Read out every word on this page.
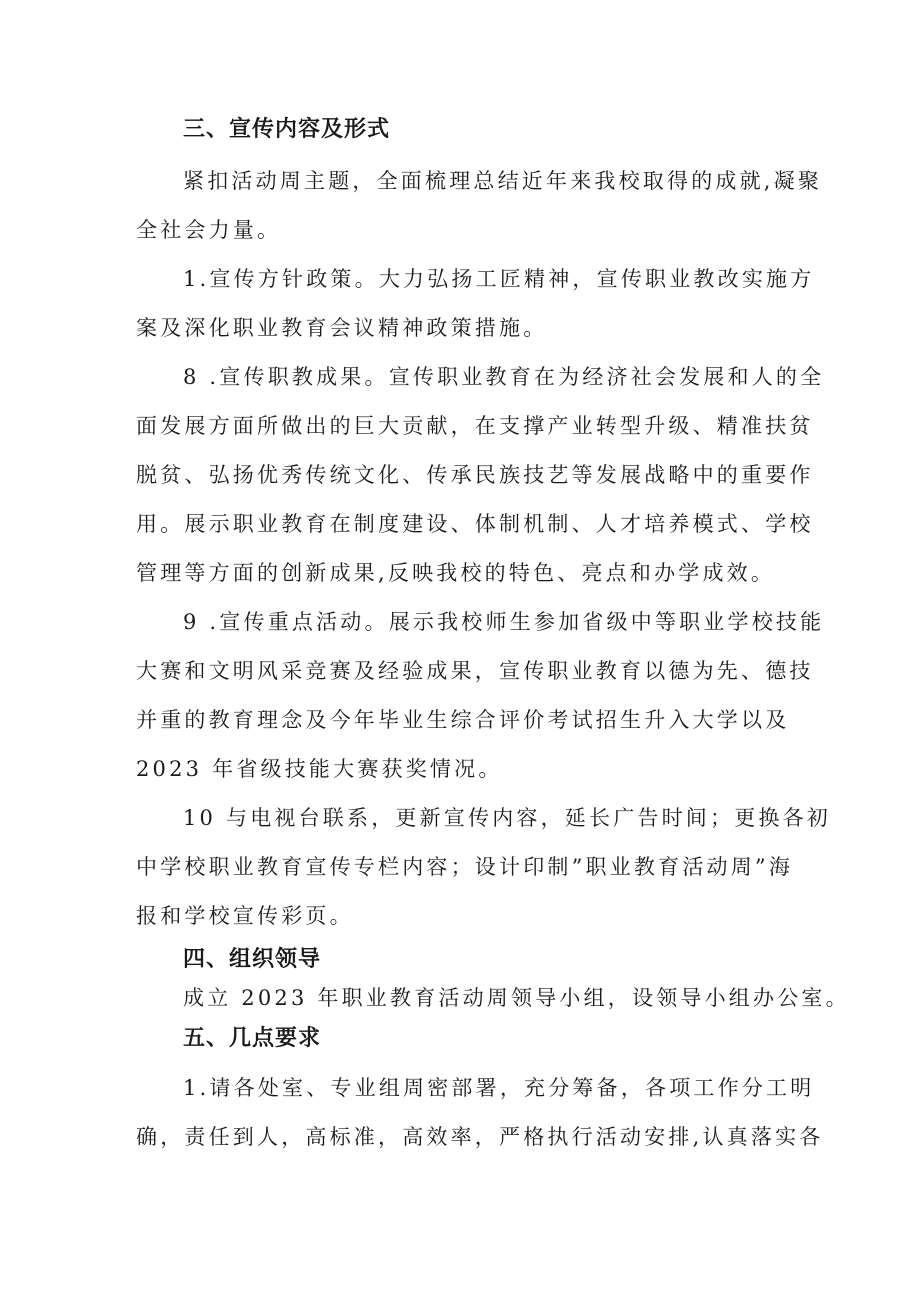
三、宣传内容及形式
紧扣活动周主题，全面梳理总结近年来我校取得的成就,凝聚
全社会力量。
1.宣传方针政策。大力弘扬工匠精神，宣传职业教改实施方
案及深化职业教育会议精神政策措施。
8 .宣传职教成果。宣传职业教育在为经济社会发展和人的全
面发展方面所做出的巨大贡献，在支撑产业转型升级、精准扶贫
脱贫、弘扬优秀传统文化、传承民族技艺等发展战略中的重要作
用。展示职业教育在制度建设、体制机制、人才培养模式、学校
管理等方面的创新成果,反映我校的特色、亮点和办学成效。
9 .宣传重点活动。展示我校师生参加省级中等职业学校技能
大赛和文明风采竞赛及经验成果，宣传职业教育以德为先、德技
并重的教育理念及今年毕业生综合评价考试招生升入大学以及
2023 年省级技能大赛获奖情况。
10 与电视台联系，更新宣传内容，延长广告时间；更换各初
中学校职业教育宣传专栏内容；设计印制”职业教育活动周”海
报和学校宣传彩页。
四、组织领导
成立 2023 年职业教育活动周领导小组，设领导小组办公室。
五、几点要求
1.请各处室、专业组周密部署，充分筹备，各项工作分工明
确，责任到人，高标准，高效率，严格执行活动安排,认真落实各
